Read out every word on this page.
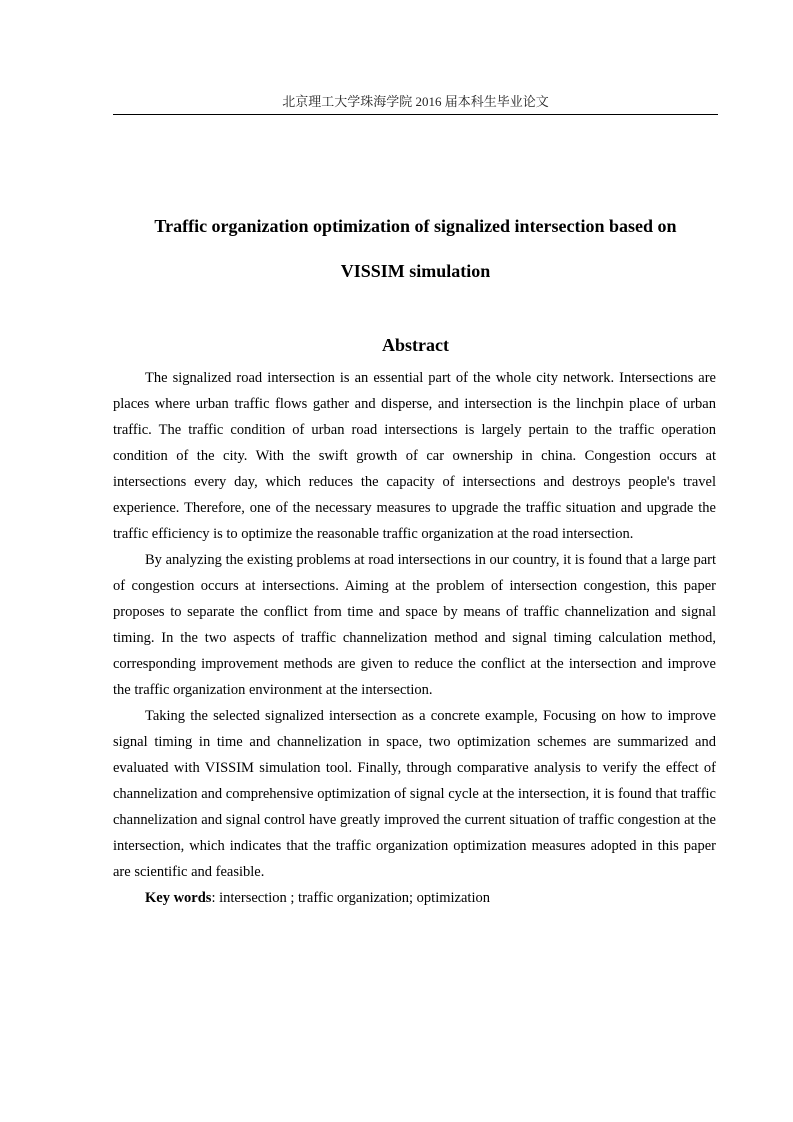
北京理工大学珠海学院 2016 届本科生毕业论文
Traffic organization optimization of signalized intersection based on
VISSIM simulation
Abstract

The signalized road intersection is an essential part of the whole city network. Intersections are places where urban traffic flows gather and disperse, and intersection is the linchpin place of urban traffic. The traffic condition of urban road intersections is largely pertain to the traffic operation condition of the city. With the swift growth of car ownership in china. Congestion occurs at intersections every day, which reduces the capacity of intersections and destroys people's travel experience. Therefore, one of the necessary measures to upgrade the traffic situation and upgrade the traffic efficiency is to optimize the reasonable traffic organization at the road intersection.

By analyzing the existing problems at road intersections in our country, it is found that a large part of congestion occurs at intersections. Aiming at the problem of intersection congestion, this paper proposes to separate the conflict from time and space by means of traffic channelization and signal timing. In the two aspects of traffic channelization method and signal timing calculation method, corresponding improvement methods are given to reduce the conflict at the intersection and improve the traffic organization environment at the intersection.

Taking the selected signalized intersection as a concrete example, Focusing on how to improve signal timing in time and channelization in space, two optimization schemes are summarized and evaluated with VISSIM simulation tool. Finally, through comparative analysis to verify the effect of channelization and comprehensive optimization of signal cycle at the intersection, it is found that traffic channelization and signal control have greatly improved the current situation of traffic congestion at the intersection, which indicates that the traffic organization optimization measures adopted in this paper are scientific and feasible.

Key words: intersection ; traffic organization; optimization
